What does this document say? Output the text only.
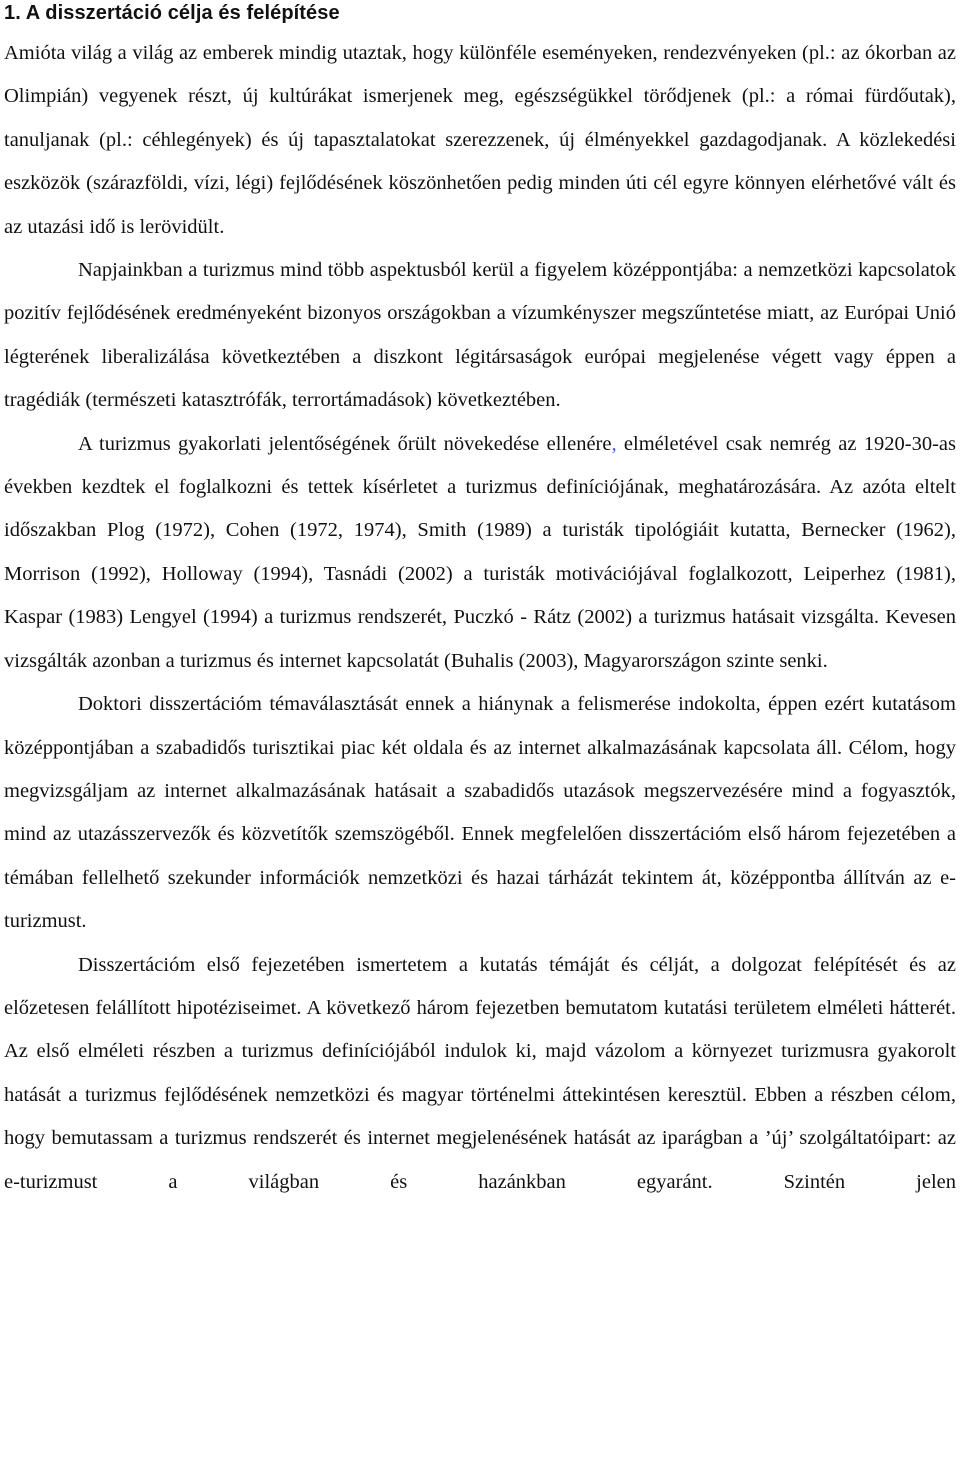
1. A disszertáció célja és felépítése

Amióta világ a világ az emberek mindig utaztak, hogy különféle eseményeken, rendezvényeken (pl.: az ókorban az Olimpián) vegyenek részt, új kultúrákat ismerjenek meg, egészségükkel törődjenek (pl.: a római fürdőutak), tanuljanak (pl.: céhlegények) és új tapasztalatokat szerezzenek, új élményekkel gazdagodjanak. A közlekedési eszközök (szárazföldi, vízi, légi) fejlődésének köszönhetően pedig minden úti cél egyre könnyen elérhetővé vált és az utazási idő is lerövidült.

Napjainkban a turizmus mind több aspektusból kerül a figyelem középpontjába: a nemzetközi kapcsolatok pozitív fejlődésének eredményeként bizonyos országokban a vízumkényszer megszűntetése miatt, az Európai Unió légterének liberalizálása következtében a diszkont légitársaságok európai megjelenése végett vagy éppen a tragédiák (természeti katasztrófák, terrortámadások) következtében.

A turizmus gyakorlati jelentőségének őrült növekedése ellenére, elméletével csak nemrég az 1920-30-as években kezdtek el foglalkozni és tettek kísérletet a turizmus definíciójának, meghatározására. Az azóta eltelt időszakban Plog (1972), Cohen (1972, 1974), Smith (1989) a turisták tipológiáit kutatta, Bernecker (1962), Morrison (1992), Holloway (1994), Tasnádi (2002) a turisták motivációjával foglalkozott, Leiperhez (1981), Kaspar (1983) Lengyel (1994) a turizmus rendszerét, Puczkó - Rátz (2002) a turizmus hatásait vizsgálta. Kevesen vizsgálták azonban a turizmus és internet kapcsolatát (Buhalis (2003), Magyarországon szinte senki.

Doktori disszertációm témaválasztását ennek a hiánynak a felismerése indokolta, éppen ezért kutatásom középpontjában a szabadidős turisztikai piac két oldala és az internet alkalmazásának kapcsolata áll. Célom, hogy megvizsgáljam az internet alkalmazásának hatásait a szabadidős utazások megszervezésére mind a fogyasztók, mind az utazásszervezők és közvetítők szemszögéből. Ennek megfelelően disszertációm első három fejezetében a témában fellelhető szekunder információk nemzetközi és hazai tárházát tekintem át, középpontba állítván az e-turizmust.

Disszertációm első fejezetében ismertetem a kutatás témáját és célját, a dolgozat felépítését és az előzetesen felállított hipotéziseimet. A következő három fejezetben bemutatom kutatási területem elméleti hátterét. Az első elméleti részben a turizmus definíciójából indulok ki, majd vázolom a környezet turizmusra gyakorolt hatását a turizmus fejlődésének nemzetközi és magyar történelmi áttekintésen keresztül. Ebben a részben célom, hogy bemutassam a turizmus rendszerét és internet megjelenésének hatását az iparágban a ’új’ szolgáltatóipart: az e-turizmust a világban és hazánkban egyaránt. Szintén jelen
